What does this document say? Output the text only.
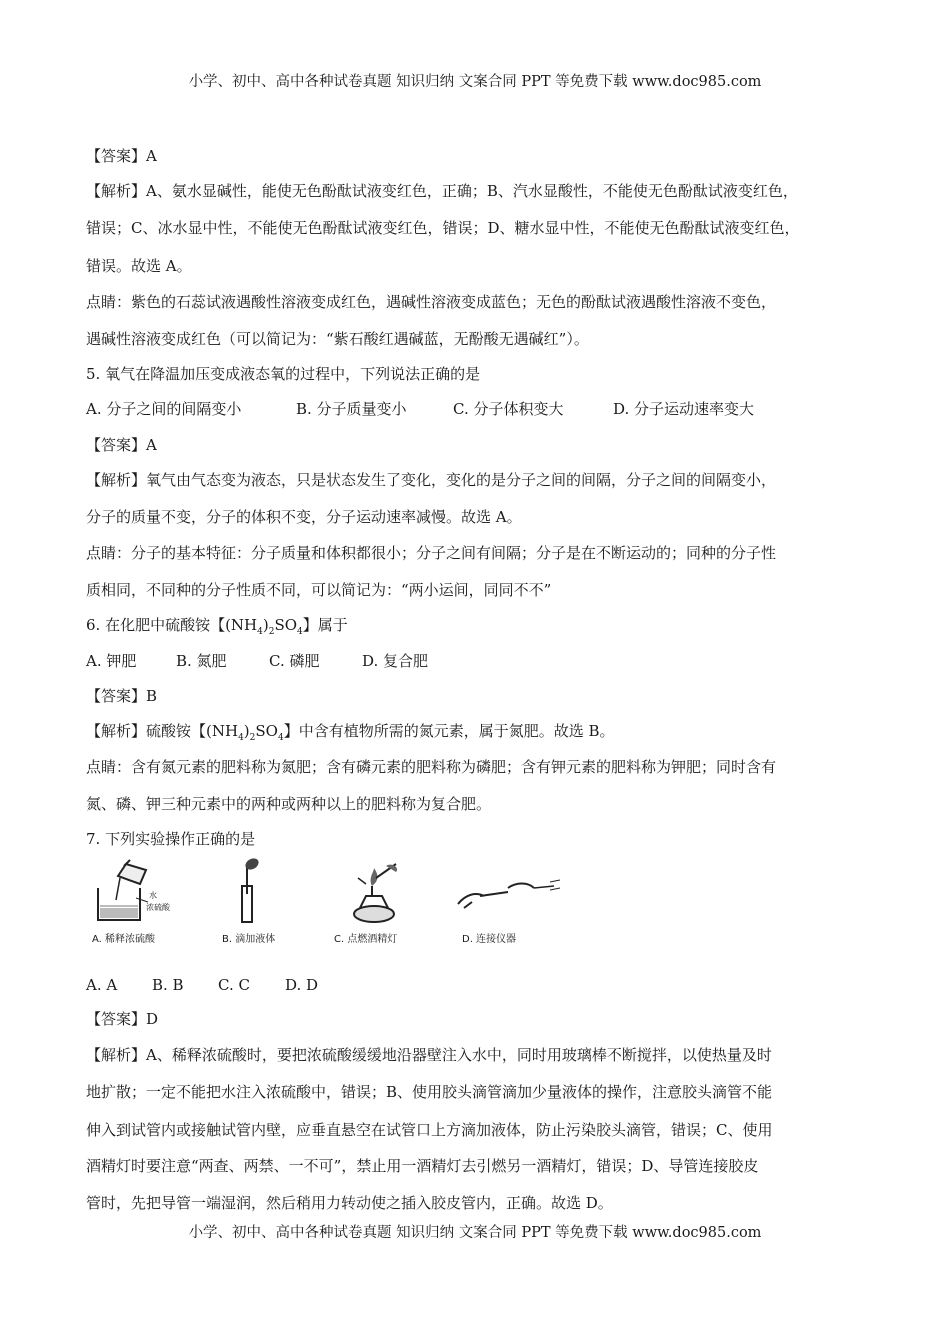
小学、初中、高中各种试卷真题 知识归纳 文案合同 PPT 等免费下载 www.doc985.com
【答案】A
【解析】A、氨水显碱性，能使无色酚酞试液变红色，正确；B、汽水显酸性，不能使无色酚酞试液变红色，
错误；C、冰水显中性，不能使无色酚酞试液变红色，错误；D、糖水显中性，不能使无色酚酞试液变红色，
错误。故选 A。
点睛：紫色的石蕊试液遇酸性溶液变成红色，遇碱性溶液变成蓝色；无色的酚酞试液遇酸性溶液不变色，
遇碱性溶液变成红色（可以简记为：“紫石酸红遇碱蓝，无酚酸无遇碱红”）。
5. 氧气在降温加压变成液态氧的过程中，下列说法正确的是
A. 分子之间的间隔变小	B. 分子质量变小	C. 分子体积变大	D. 分子运动速率变大
【答案】A
【解析】氧气由气态变为液态，只是状态发生了变化，变化的是分子之间的间隔，分子之间的间隔变小，
分子的质量不变，分子的体积不变，分子运动速率减慢。故选 A。
点睛：分子的基本特征：分子质量和体积都很小；分子之间有间隔；分子是在不断运动的；同种的分子性
质相同，不同种的分子性质不同，可以简记为：“两小运间，同同不不”
6. 在化肥中硫酸铵【$(NH_4)_2SO_4$】属于
A. 钾肥	B. 氮肥	C. 磷肥	D. 复合肥
【答案】B
【解析】硫酸铵【$(NH_4)_2SO_4$】中含有植物所需的氮元素，属于氮肥。故选 B。
点睛：含有氮元素的肥料称为氮肥；含有磷元素的肥料称为磷肥；含有钾元素的肥料称为钾肥；同时含有
氮、磷、钾三种元素中的两种或两种以上的肥料称为复合肥。
7. 下列实验操作正确的是
水
浓硫酸
A. 稀释浓硫酸	B. 滴加液体	C. 点燃酒精灯	D. 连接仪器
A. A B. B C. C D. D
【答案】D
【解析】A、稀释浓硫酸时，要把浓硫酸缓缓地沿器壁注入水中，同时用玻璃棒不断搅拌，以使热量及时
地扩散；一定不能把水注入浓硫酸中，错误；B、使用胶头滴管滴加少量液体的操作，注意胶头滴管不能
伸入到试管内或接触试管内壁，应垂直悬空在试管口上方滴加液体，防止污染胶头滴管，错误；C、使用
酒精灯时要注意“两查、两禁、一不可”，禁止用一酒精灯去引燃另一酒精灯，错误；D、导管连接胶皮
管时，先把导管一端湿润，然后稍用力转动使之插入胶皮管内，正确。故选 D。
小学、初中、高中各种试卷真题 知识归纳 文案合同 PPT 等免费下载 www.doc985.com
